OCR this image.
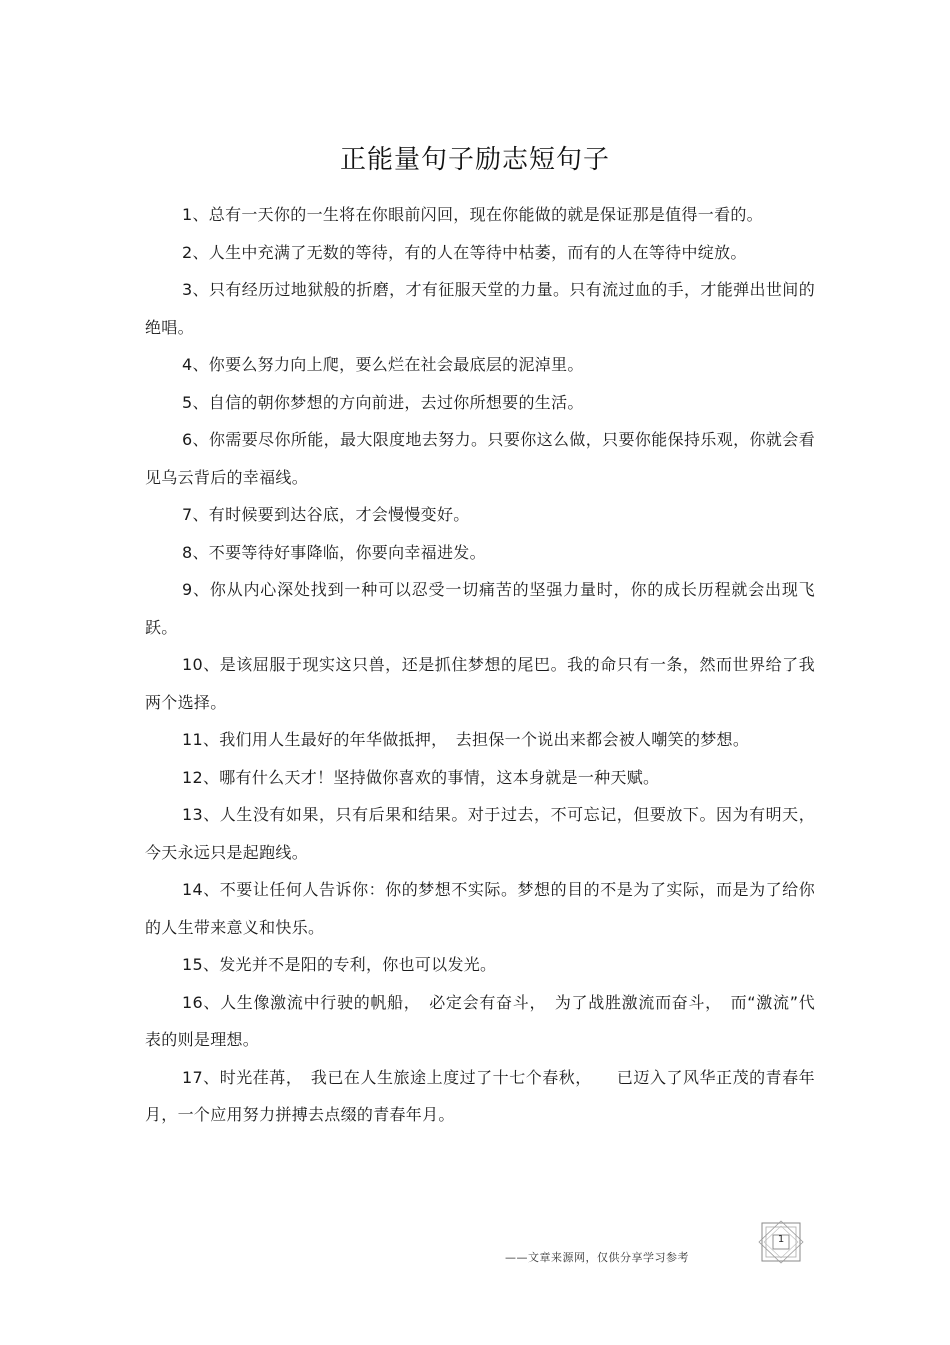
正能量句子励志短句子

1、总有一天你的一生将在你眼前闪回，现在你能做的就是保证那是值得一看的。

2、人生中充满了无数的等待，有的人在等待中枯萎，而有的人在等待中绽放。

3、只有经历过地狱般的折磨，才有征服天堂的力量。只有流过血的手，才能弹出世间的绝唱。

4、你要么努力向上爬，要么烂在社会最底层的泥淖里。

5、自信的朝你梦想的方向前进，去过你所想要的生活。

6、你需要尽你所能，最大限度地去努力。只要你这么做，只要你能保持乐观，你就会看见乌云背后的幸福线。

7、有时候要到达谷底，才会慢慢变好。

8、不要等待好事降临，你要向幸福进发。

9、你从内心深处找到一种可以忍受一切痛苦的坚强力量时，你的成长历程就会出现飞跃。

10、是该屈服于现实这只兽，还是抓住梦想的尾巴。我的命只有一条，然而世界给了我两个选择。

11、我们用人生最好的年华做抵押，　去担保一个说出来都会被人嘲笑的梦想。

12、哪有什么天才！坚持做你喜欢的事情，这本身就是一种天赋。

13、人生没有如果，只有后果和结果。对于过去，不可忘记，但要放下。因为有明天，今天永远只是起跑线。

14、不要让任何人告诉你：你的梦想不实际。梦想的目的不是为了实际，而是为了给你的人生带来意义和快乐。

15、发光并不是阳的专利，你也可以发光。

16、人生像激流中行驶的帆船，　必定会有奋斗，　为了战胜激流而奋斗，　而“激流”代表的则是理想。

17、时光荏苒，　我已在人生旅途上度过了十七个春秋，　　已迈入了风华正茂的青春年月，一个应用努力拼搏去点缀的青春年月。

——文章来源网，仅供分享学习参考
1
